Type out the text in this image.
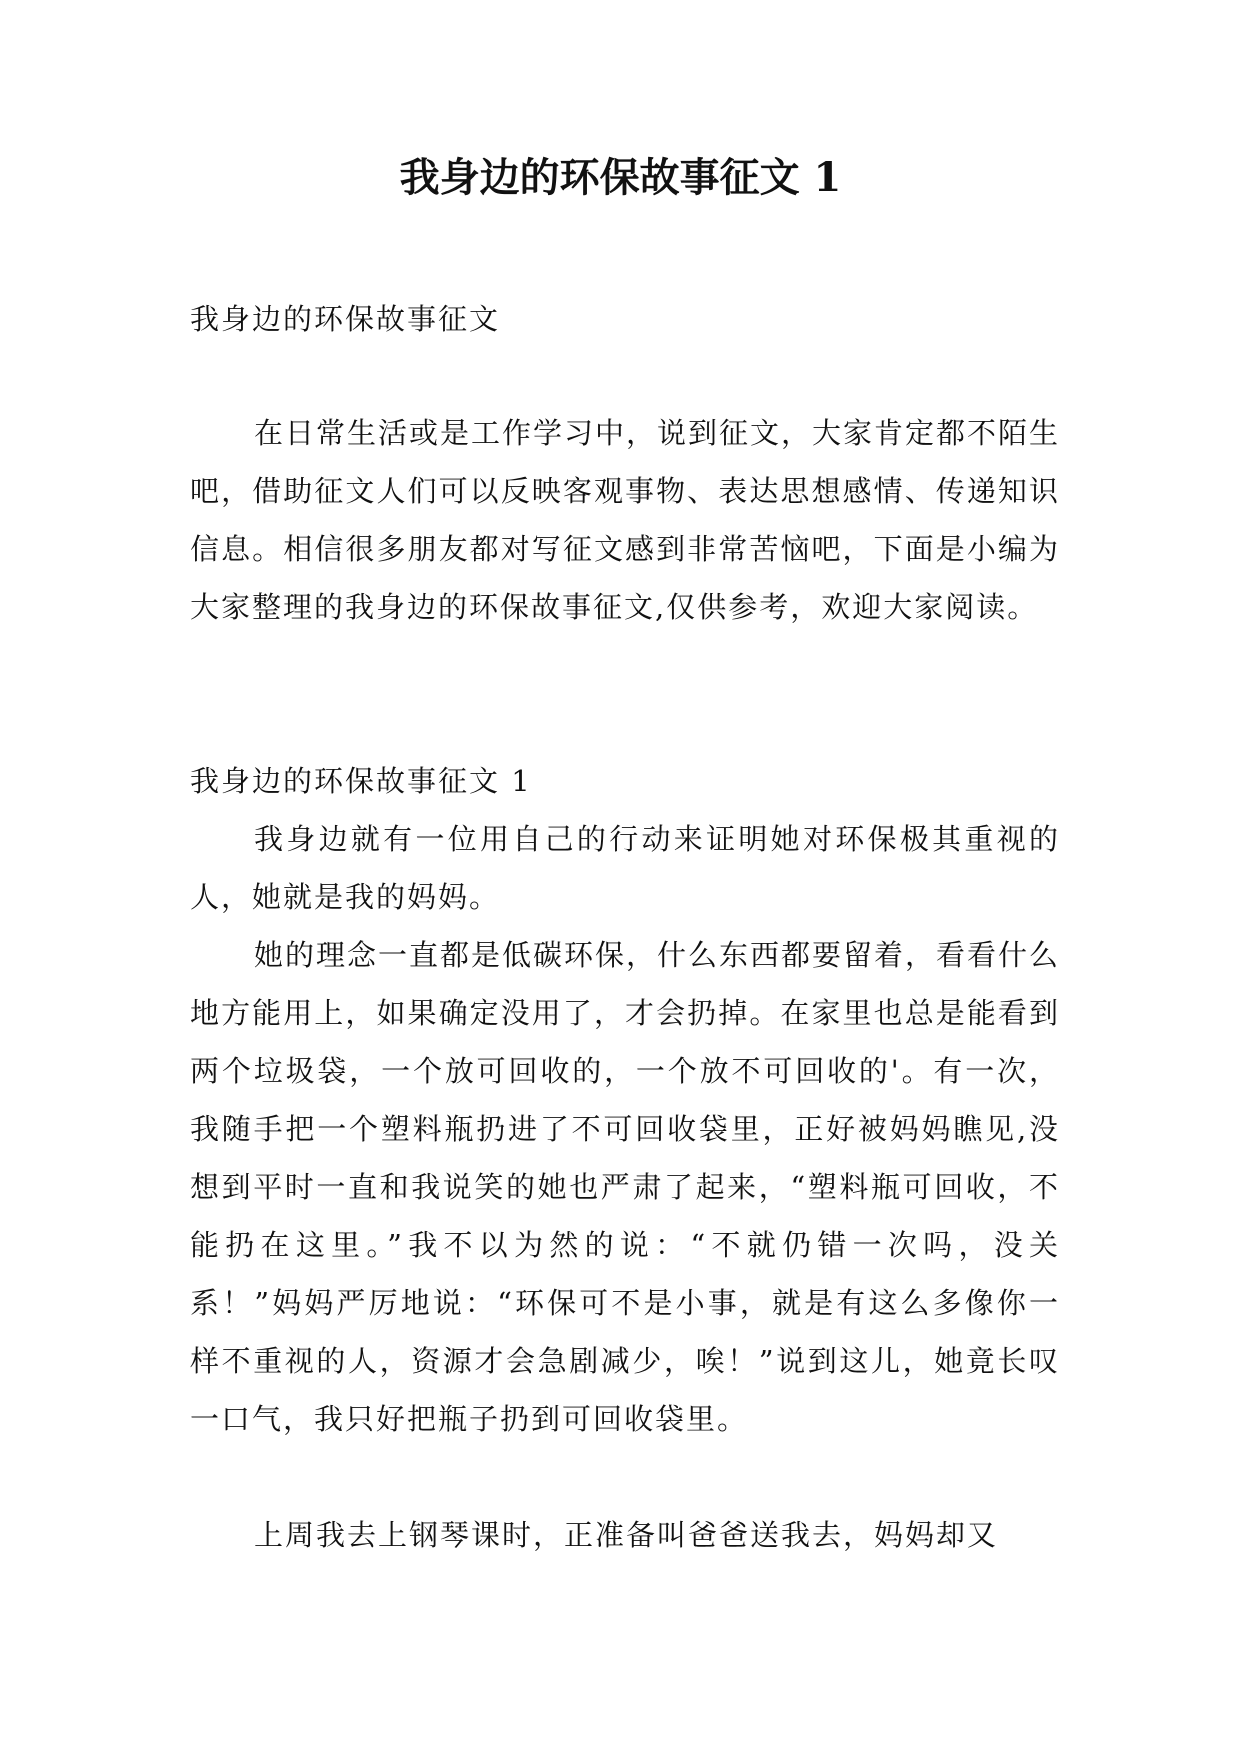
我身边的环保故事征文 1

我身边的环保故事征文

在日常生活或是工作学习中，说到征文，大家肯定都不陌生吧，借助征文人们可以反映客观事物、表达思想感情、传递知识信息。相信很多朋友都对写征文感到非常苦恼吧，下面是小编为大家整理的我身边的环保故事征文,仅供参考，欢迎大家阅读。

我身边的环保故事征文 1

我身边就有一位用自己的行动来证明她对环保极其重视的人，她就是我的妈妈。

她的理念一直都是低碳环保，什么东西都要留着，看看什么地方能用上，如果确定没用了，才会扔掉。在家里也总是能看到两个垃圾袋，一个放可回收的，一个放不可回收的'。有一次，我随手把一个塑料瓶扔进了不可回收袋里，正好被妈妈瞧见,没想到平时一直和我说笑的她也严肃了起来，“塑料瓶可回收，不能扔在这里。”我不以为然的说：“不就仍错一次吗，没关系！”妈妈严厉地说：“环保可不是小事，就是有这么多像你一样不重视的人，资源才会急剧减少，唉！”说到这儿，她竟长叹一口气，我只好把瓶子扔到可回收袋里。

上周我去上钢琴课时，正准备叫爸爸送我去，妈妈却又
